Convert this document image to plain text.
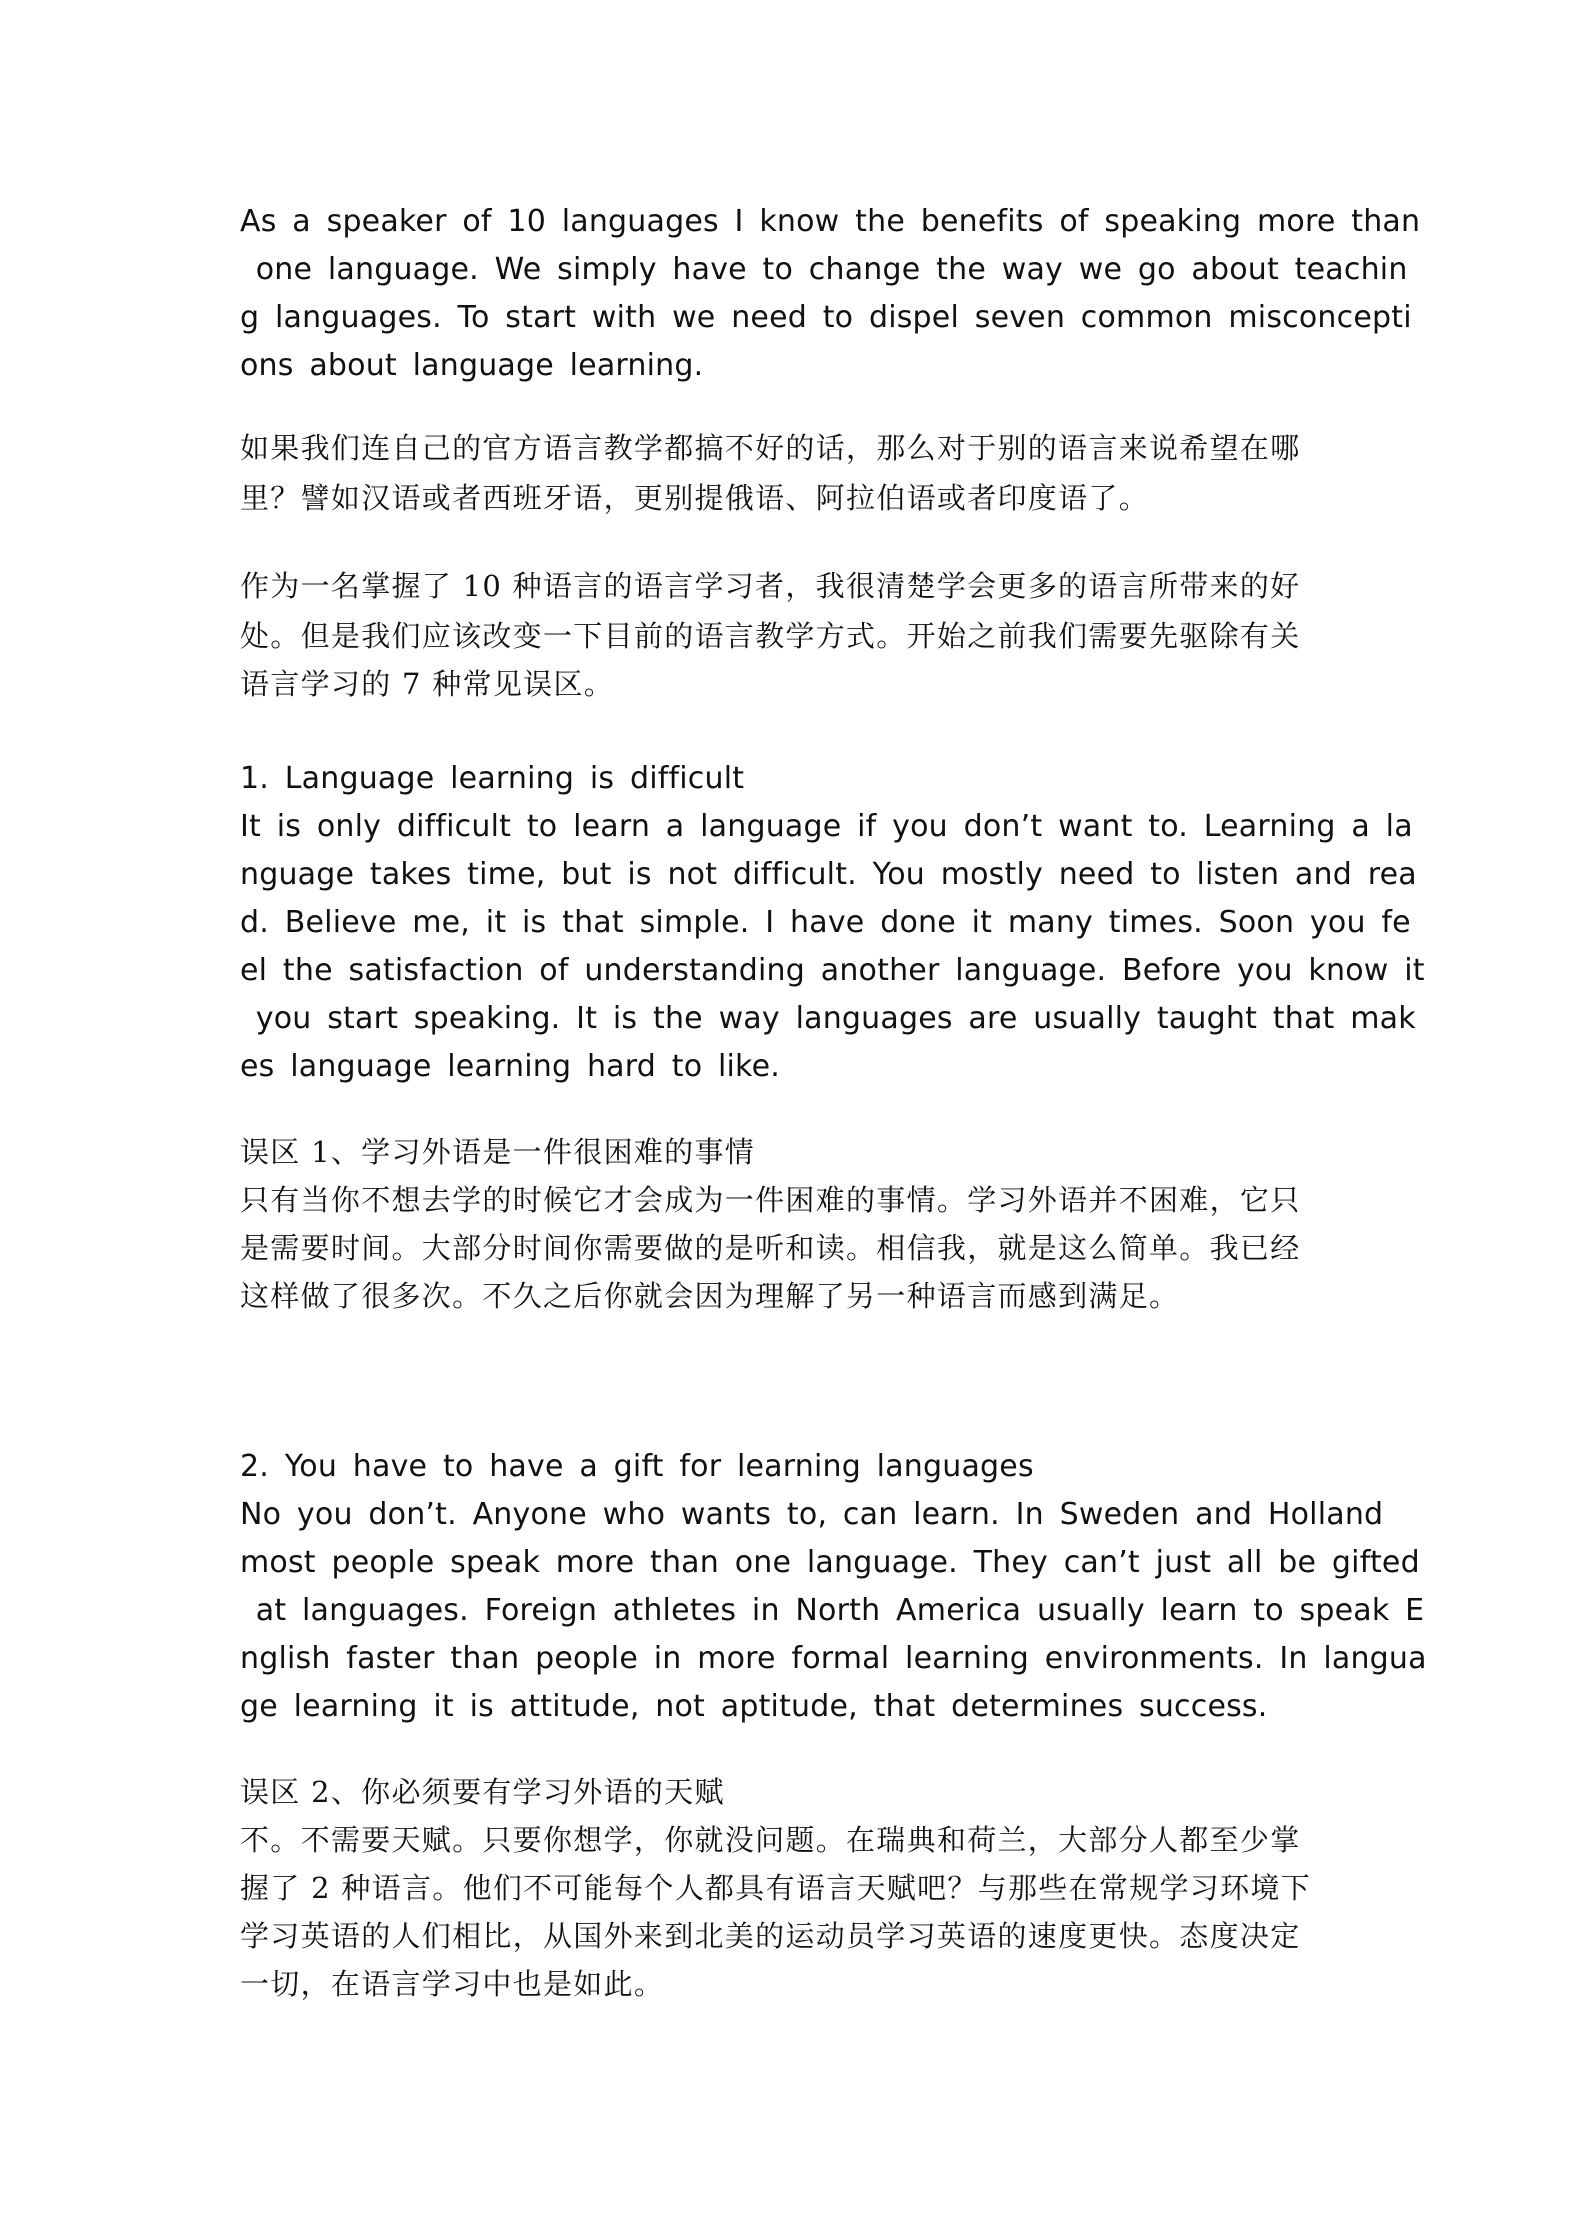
As a speaker of 10 languages I know the benefits of speaking more than
one language. We simply have to change the way we go about teachin
g languages. To start with we need to dispel seven common misconcepti
ons about language learning.
如果我们连自己的官方语言教学都搞不好的话，那么对于别的语言来说希望在哪
里？譬如汉语或者西班牙语，更别提俄语、阿拉伯语或者印度语了。
作为一名掌握了 10 种语言的语言学习者，我很清楚学会更多的语言所带来的好
处。但是我们应该改变一下目前的语言教学方式。开始之前我们需要先驱除有关
语言学习的 7 种常见误区。
1. Language learning is difficult
It is only difficult to learn a language if you don’t want to. Learning a la
nguage takes time, but is not difficult. You mostly need to listen and rea
d. Believe me, it is that simple. I have done it many times. Soon you fe
el the satisfaction of understanding another language. Before you know it
you start speaking. It is the way languages are usually taught that mak
es language learning hard to like.
误区 1、学习外语是一件很困难的事情
只有当你不想去学的时候它才会成为一件困难的事情。学习外语并不困难，它只
是需要时间。大部分时间你需要做的是听和读。相信我，就是这么简单。我已经
这样做了很多次。不久之后你就会因为理解了另一种语言而感到满足。
2. You have to have a gift for learning languages
No you don’t. Anyone who wants to, can learn. In Sweden and Holland
most people speak more than one language. They can’t just all be gifted
at languages. Foreign athletes in North America usually learn to speak E
nglish faster than people in more formal learning environments. In langua
ge learning it is attitude, not aptitude, that determines success.
误区 2、你必须要有学习外语的天赋
不。不需要天赋。只要你想学，你就没问题。在瑞典和荷兰，大部分人都至少掌
握了 2 种语言。他们不可能每个人都具有语言天赋吧？与那些在常规学习环境下
学习英语的人们相比，从国外来到北美的运动员学习英语的速度更快。态度决定
一切，在语言学习中也是如此。
